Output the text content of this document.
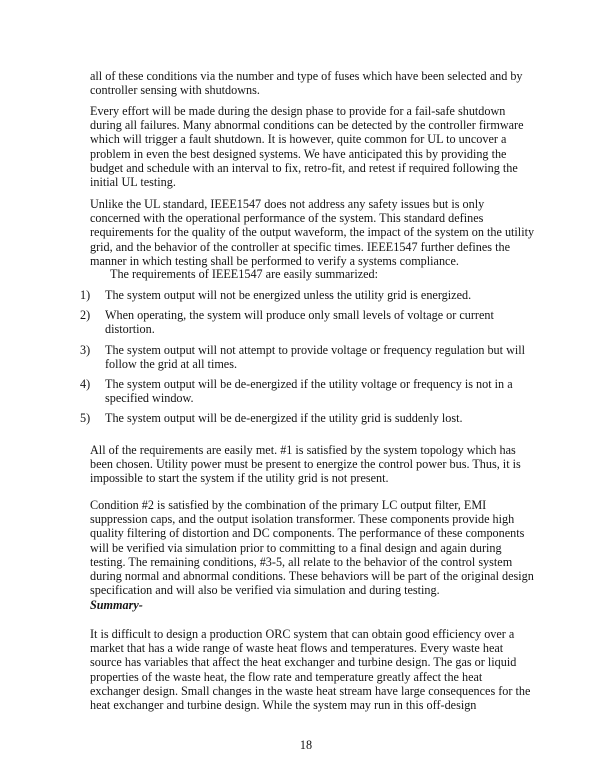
all of these conditions via the number and type of fuses which have been selected and by controller sensing with shutdowns.

Every effort will be made during the design phase to provide for a fail-safe shutdown during all failures. Many abnormal conditions can be detected by the controller firmware which will trigger a fault shutdown. It is however, quite common for UL to uncover a problem in even the best designed systems. We have anticipated this by providing the budget and schedule with an interval to fix, retro-fit, and retest if required following the initial UL testing.

Unlike the UL standard, IEEE1547 does not address any safety issues but is only concerned with the operational performance of the system. This standard defines requirements for the quality of the output waveform, the impact of the system on the utility grid, and the behavior of the controller at specific times. IEEE1547 further defines the manner in which testing shall be performed to verify a systems compliance.

The requirements of IEEE1547 are easily summarized:

1) The system output will not be energized unless the utility grid is energized.
2) When operating, the system will produce only small levels of voltage or current distortion.
3) The system output will not attempt to provide voltage or frequency regulation but will follow the grid at all times.
4) The system output will be de-energized if the utility voltage or frequency is not in a specified window.
5) The system output will be de-energized if the utility grid is suddenly lost.

All of the requirements are easily met. #1 is satisfied by the system topology which has been chosen. Utility power must be present to energize the control power bus. Thus, it is impossible to start the system if the utility grid is not present.

Condition #2 is satisfied by the combination of the primary LC output filter, EMI suppression caps, and the output isolation transformer. These components provide high quality filtering of distortion and DC components. The performance of these components will be verified via simulation prior to committing to a final design and again during testing. The remaining conditions, #3-5, all relate to the behavior of the control system during normal and abnormal conditions. These behaviors will be part of the original design specification and will also be verified via simulation and during testing.

Summary-

It is difficult to design a production ORC system that can obtain good efficiency over a market that has a wide range of waste heat flows and temperatures. Every waste heat source has variables that affect the heat exchanger and turbine design. The gas or liquid properties of the waste heat, the flow rate and temperature greatly affect the heat exchanger design. Small changes in the waste heat stream have large consequences for the heat exchanger and turbine design. While the system may run in this off-design

18
